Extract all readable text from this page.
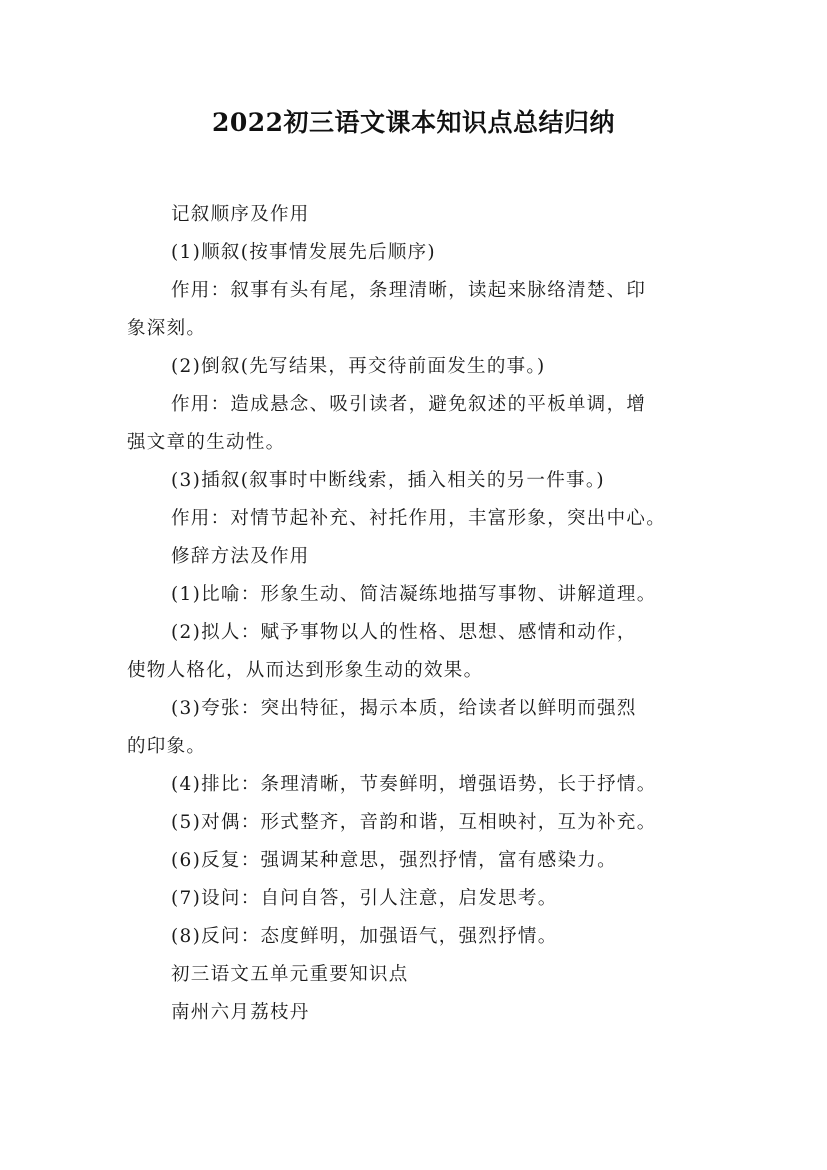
2022初三语文课本知识点总结归纳

记叙顺序及作用

(1)顺叙(按事情发展先后顺序)

作用：叙事有头有尾，条理清晰，读起来脉络清楚、印

象深刻。

(2)倒叙(先写结果，再交待前面发生的事。)

作用：造成悬念、吸引读者，避免叙述的平板单调，增

强文章的生动性。

(3)插叙(叙事时中断线索，插入相关的另一件事。)

作用：对情节起补充、衬托作用，丰富形象，突出中心。

修辞方法及作用

(1)比喻：形象生动、简洁凝练地描写事物、讲解道理。

(2)拟人：赋予事物以人的性格、思想、感情和动作，

使物人格化，从而达到形象生动的效果。

(3)夸张：突出特征，揭示本质，给读者以鲜明而强烈

的印象。

(4)排比：条理清晰，节奏鲜明，增强语势，长于抒情。

(5)对偶：形式整齐，音韵和谐，互相映衬，互为补充。

(6)反复：强调某种意思，强烈抒情，富有感染力。

(7)设问：自问自答，引人注意，启发思考。

(8)反问：态度鲜明，加强语气，强烈抒情。

初三语文五单元重要知识点

南州六月荔枝丹
